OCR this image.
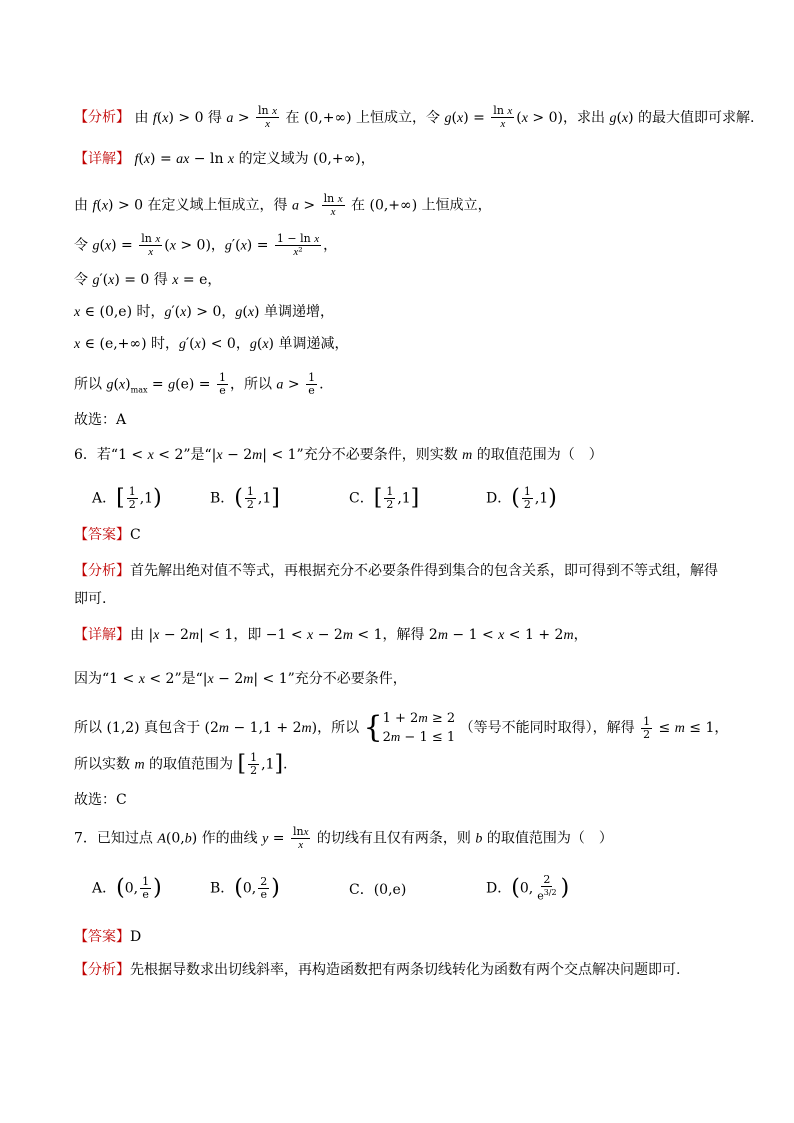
【分析】 由 f(x) > 0 得 $a > \frac{\text{ln x}}{x}$ 在 (0,+∞) 上恒成立，令 $g(x) = \frac{\text{ln x}}{x} (x > 0)$，求出 g(x) 的最大值即可求解.
【详解】 f(x) = ax − ln x 的定义域为 (0,+∞)，
由 f(x) > 0 在定义域上恒成立，得 $a > \frac{\text{ln x}}{x}$ 在 (0,+∞) 上恒成立，
令 $g(x) = \frac{\text{ln x}}{x} (x > 0)$，$g'(x) = \frac{\text{1 − ln x}}{\text{x²}}$ ，
令 g′(x) = 0 得 x = e，
x ∈ (0,e) 时，g′(x) > 0，g(x) 单调递增，
x ∈ (e,+∞) 时，g′(x) < 0，g(x) 单调递减，
所以 $g(x)_{max} = g(e) = \frac{1}{e}$ ，所以 $a > \frac{1}{e}$ .
故选：A
6．若“1 < x < 2”是“|x − 2m| < 1”充分不必要条件，则实数 m 的取值范围为（　）
A．[ $\frac{1}{2} ,1$)	B．( $\frac{1}{2} ,1$]	C．[ $\frac{1}{2} ,1$]	D．( $\frac{1}{2} ,1$)
【答案】C
【分析】首先解出绝对值不等式，再根据充分不必要条件得到集合的包含关系，即可得到不等式组，解得即可.
【详解】由 |x − 2m| < 1，即 −1 < x − 2m < 1，解得 2m − 1 < x < 1 + 2m，
因为“1 < x < 2”是“|x − 2m| < 1”充分不必要条件，
所以 (1,2) 真包含于 (2m − 1,1 + 2m)，所以 { 1 + 2m ≥ 2
2m − 1 ≤ 1
（等号不能同时取得），解得 $\frac{1}{2} \le m \le 1$，
所以实数 m 的取值范围为 [ $\frac{1}{2} ,1$].
故选：C
7．已知过点 A(0,b) 作的曲线 $y = \frac{\ln x}{x}$ 的切线有且仅有两条，则 b 的取值范围为（　）
A．(0, $\frac{1}{e}$ )	B．(0, $\frac{2}{e}$ )	C．(0,e)	D．(0, $\frac{2}{e^{3/2}}$ )
【答案】D
【分析】先根据导数求出切线斜率，再构造函数把有两条切线转化为函数有两个交点解决问题即可.
